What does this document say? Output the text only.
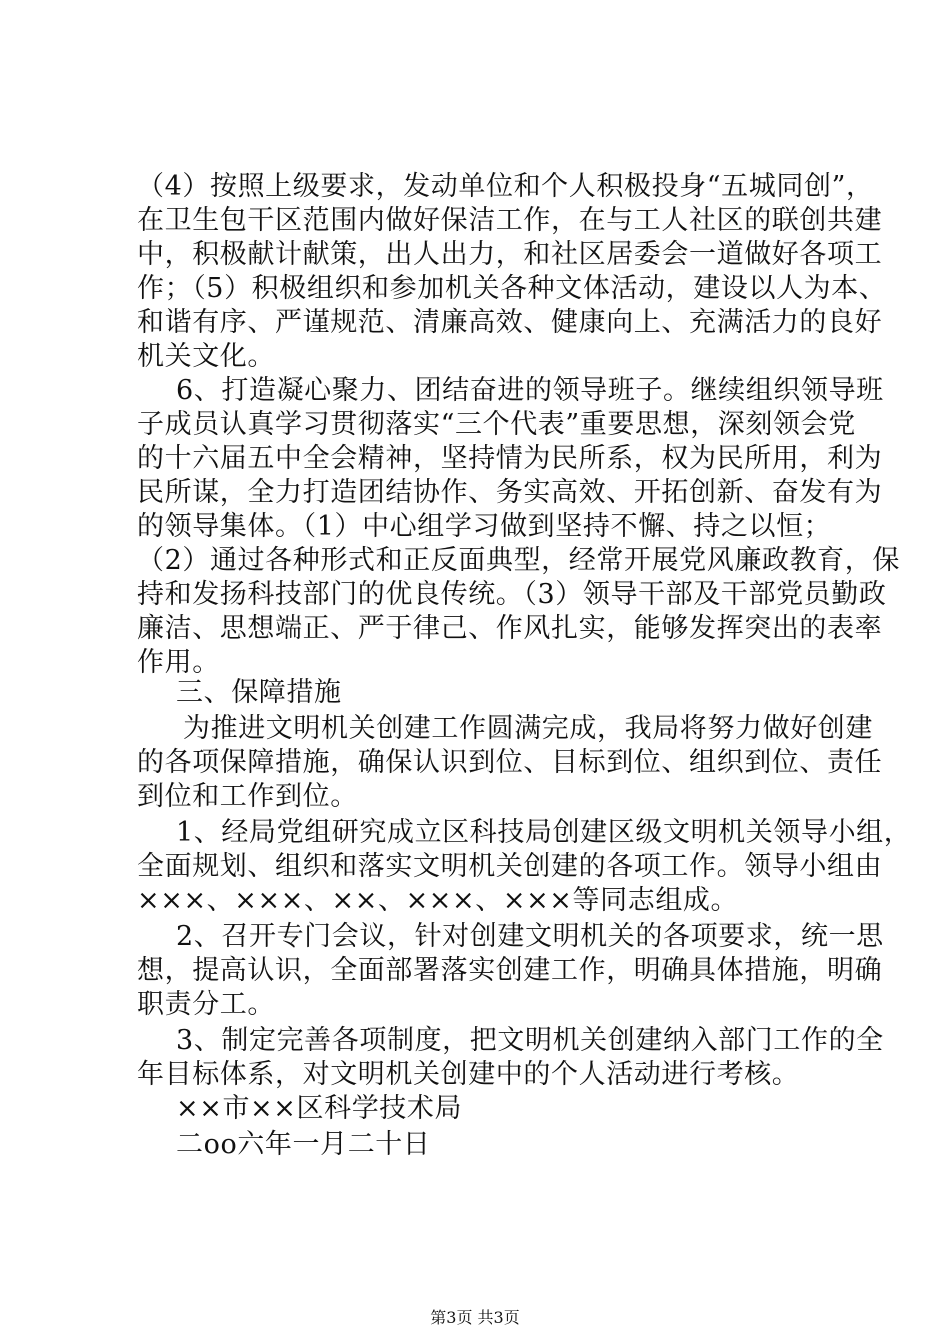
（4）按照上级要求，发动单位和个人积极投身“五城同创”，
在卫生包干区范围内做好保洁工作，在与工人社区的联创共建
中，积极献计献策，出人出力，和社区居委会一道做好各项工
作；（5）积极组织和参加机关各种文体活动，建设以人为本、
和谐有序、严谨规范、清廉高效、健康向上、充满活力的良好
机关文化。
6、打造凝心聚力、团结奋进的领导班子。继续组织领导班
子成员认真学习贯彻落实“三个代表”重要思想，深刻领会党
的十六届五中全会精神，坚持情为民所系，权为民所用，利为
民所谋，全力打造团结协作、务实高效、开拓创新、奋发有为
的领导集体。（1）中心组学习做到坚持不懈、持之以恒；
（2）通过各种形式和正反面典型，经常开展党风廉政教育，保
持和发扬科技部门的优良传统。（3）领导干部及干部党员勤政
廉洁、思想端正、严于律己、作风扎实，能够发挥突出的表率
作用。
三、保障措施
为推进文明机关创建工作圆满完成，我局将努力做好创建
的各项保障措施，确保认识到位、目标到位、组织到位、责任
到位和工作到位。
1、经局党组研究成立区科技局创建区级文明机关领导小组，
全面规划、组织和落实文明机关创建的各项工作。领导小组由
×××、×××、××、×××、×××等同志组成。
2、召开专门会议，针对创建文明机关的各项要求，统一思
想，提高认识，全面部署落实创建工作，明确具体措施，明确
职责分工。
3、制定完善各项制度，把文明机关创建纳入部门工作的全
年目标体系，对文明机关创建中的个人活动进行考核。
××市××区科学技术局
二oo六年一月二十日
第3页 共3页
